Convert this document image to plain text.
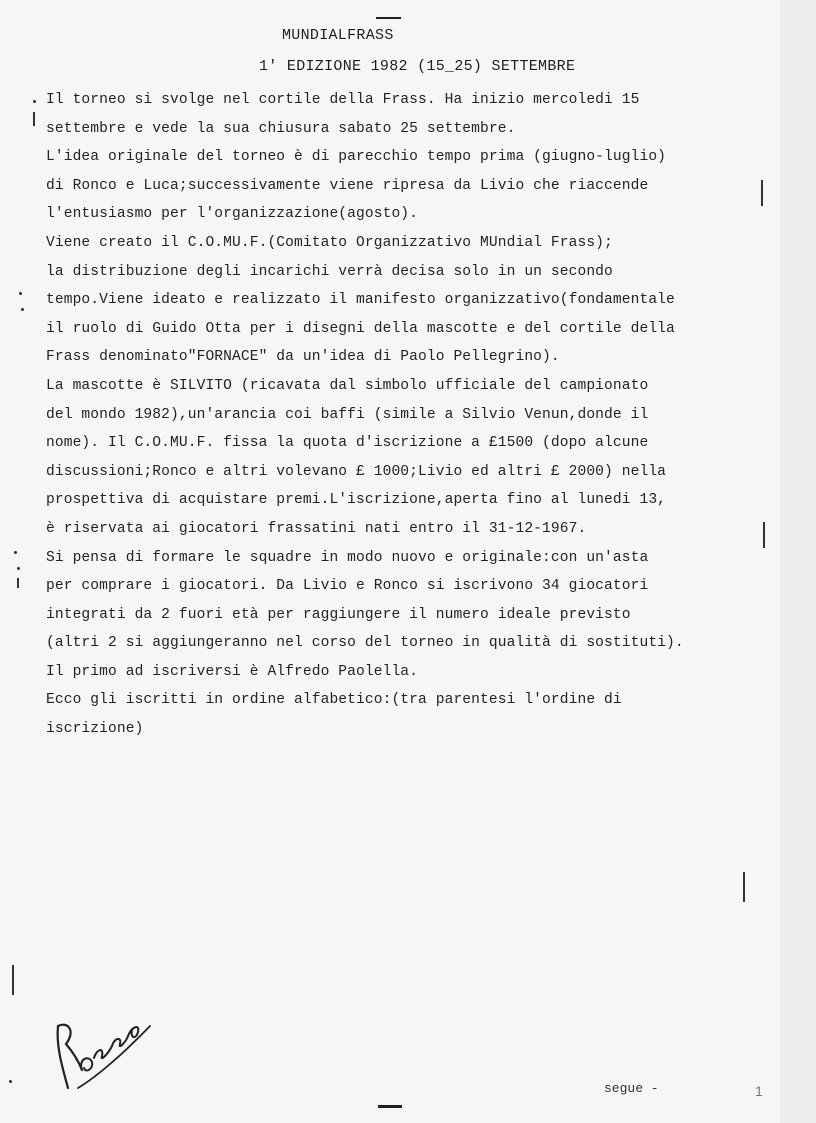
MUNDIALFRASS
1' EDIZIONE 1982 (15_25) SETTEMBRE
Il torneo si svolge nel cortile della Frass. Ha inizio mercoledi 15
settembre e vede la sua chiusura sabato 25 settembre.
L'idea originale del torneo è di parecchio tempo prima (giugno-luglio)
di Ronco e Luca;successivamente viene ripresa da Livio che riaccende
l'entusiasmo per l'organizzazione(agosto).
Viene creato il C.O.MU.F.(Comitato Organizzativo MUndial Frass);
la distribuzione degli incarichi verrà decisa solo in un secondo
tempo.Viene ideato e realizzato il manifesto organizzativo(fondamentale
il ruolo di Guido Otta per i disegni della mascotte e del cortile della
Frass denominato"FORNACE" da un'idea di Paolo Pellegrino).
La mascotte è SILVITO (ricavata dal simbolo ufficiale del campionato
del mondo 1982),un'arancia coi baffi (simile a Silvio Venun,donde il
nome). Il C.O.MU.F. fissa la quota d'iscrizione a £1500 (dopo alcune
discussioni;Ronco e altri volevano £ 1000;Livio ed altri £ 2000) nella
prospettiva di acquistare premi.L'iscrizione,aperta fino al lunedi 13,
è riservata ai giocatori frassatini nati entro il 31-12-1967.
Si pensa di formare le squadre in modo nuovo e originale:con un'asta
per comprare i giocatori. Da Livio e Ronco si iscrivono 34 giocatori
integrati da 2 fuori età per raggiungere il numero ideale previsto
(altri 2 si aggiungeranno nel corso del torneo in qualità di sostituti).
Il primo ad iscriversi è Alfredo Paolella.
Ecco gli iscritti in ordine alfabetico:(tra parentesi l'ordine di
iscrizione)
segue -	1
